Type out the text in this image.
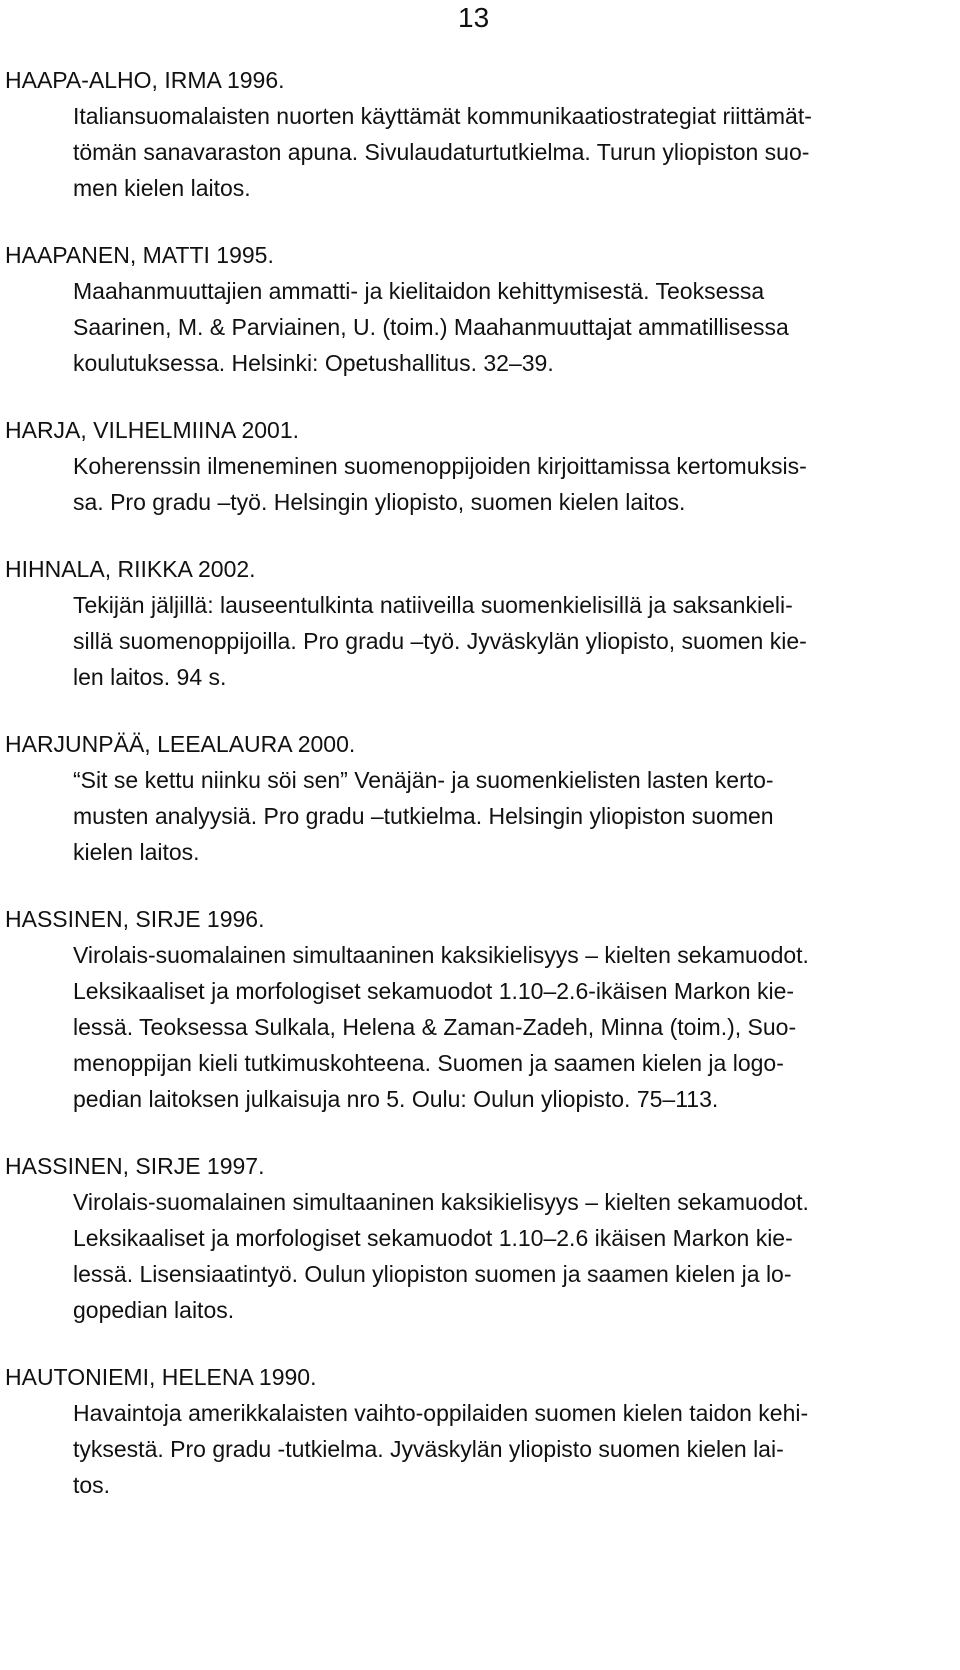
13
HAAPA-ALHO, IRMA 1996.
Italiansuomalaisten nuorten käyttämät kommunikaatiostrategiat riittämät-
tömän sanavaraston apuna. Sivulaudaturtutkielma. Turun yliopiston suo-
men kielen laitos.
HAAPANEN, MATTI 1995.
Maahanmuuttajien ammatti- ja kielitaidon kehittymisestä. Teoksessa
Saarinen, M. & Parviainen, U. (toim.) Maahanmuuttajat ammatillisessa
koulutuksessa. Helsinki: Opetushallitus. 32–39.
HARJA, VILHELMIINA 2001.
Koherenssin ilmeneminen suomenoppijoiden kirjoittamissa kertomuksis-
sa. Pro gradu –työ. Helsingin yliopisto, suomen kielen laitos.
HIHNALA, RIIKKA 2002.
Tekijän jäljillä: lauseentulkinta natiiveilla suomenkielisillä ja saksankieli-
sillä suomenoppijoilla. Pro gradu –työ. Jyväskylän yliopisto, suomen kie-
len laitos. 94 s.
HARJUNPÄÄ, LEEALAURA 2000.
“Sit se kettu niinku söi sen” Venäjän- ja suomenkielisten lasten kerto-
musten analyysiä. Pro gradu –tutkielma. Helsingin yliopiston suomen
kielen laitos.
HASSINEN, SIRJE 1996.
Virolais-suomalainen simultaaninen kaksikielisyys – kielten sekamuodot.
Leksikaaliset ja morfologiset sekamuodot 1.10–2.6-ikäisen Markon kie-
lessä. Teoksessa Sulkala, Helena & Zaman-Zadeh, Minna (toim.), Suo-
menoppijan kieli tutkimuskohteena. Suomen ja saamen kielen ja logo-
pedian laitoksen julkaisuja nro 5. Oulu: Oulun yliopisto. 75–113.
HASSINEN, SIRJE 1997.
Virolais-suomalainen simultaaninen kaksikielisyys – kielten sekamuodot.
Leksikaaliset ja morfologiset sekamuodot 1.10–2.6 ikäisen Markon kie-
lessä. Lisensiaatintyö. Oulun yliopiston suomen ja saamen kielen ja lo-
gopedian laitos.
HAUTONIEMI, HELENA 1990.
Havaintoja amerikkalaisten vaihto-oppilaiden suomen kielen taidon kehi-
tyksestä. Pro gradu -tutkielma. Jyväskylän yliopisto suomen kielen lai-
tos.
